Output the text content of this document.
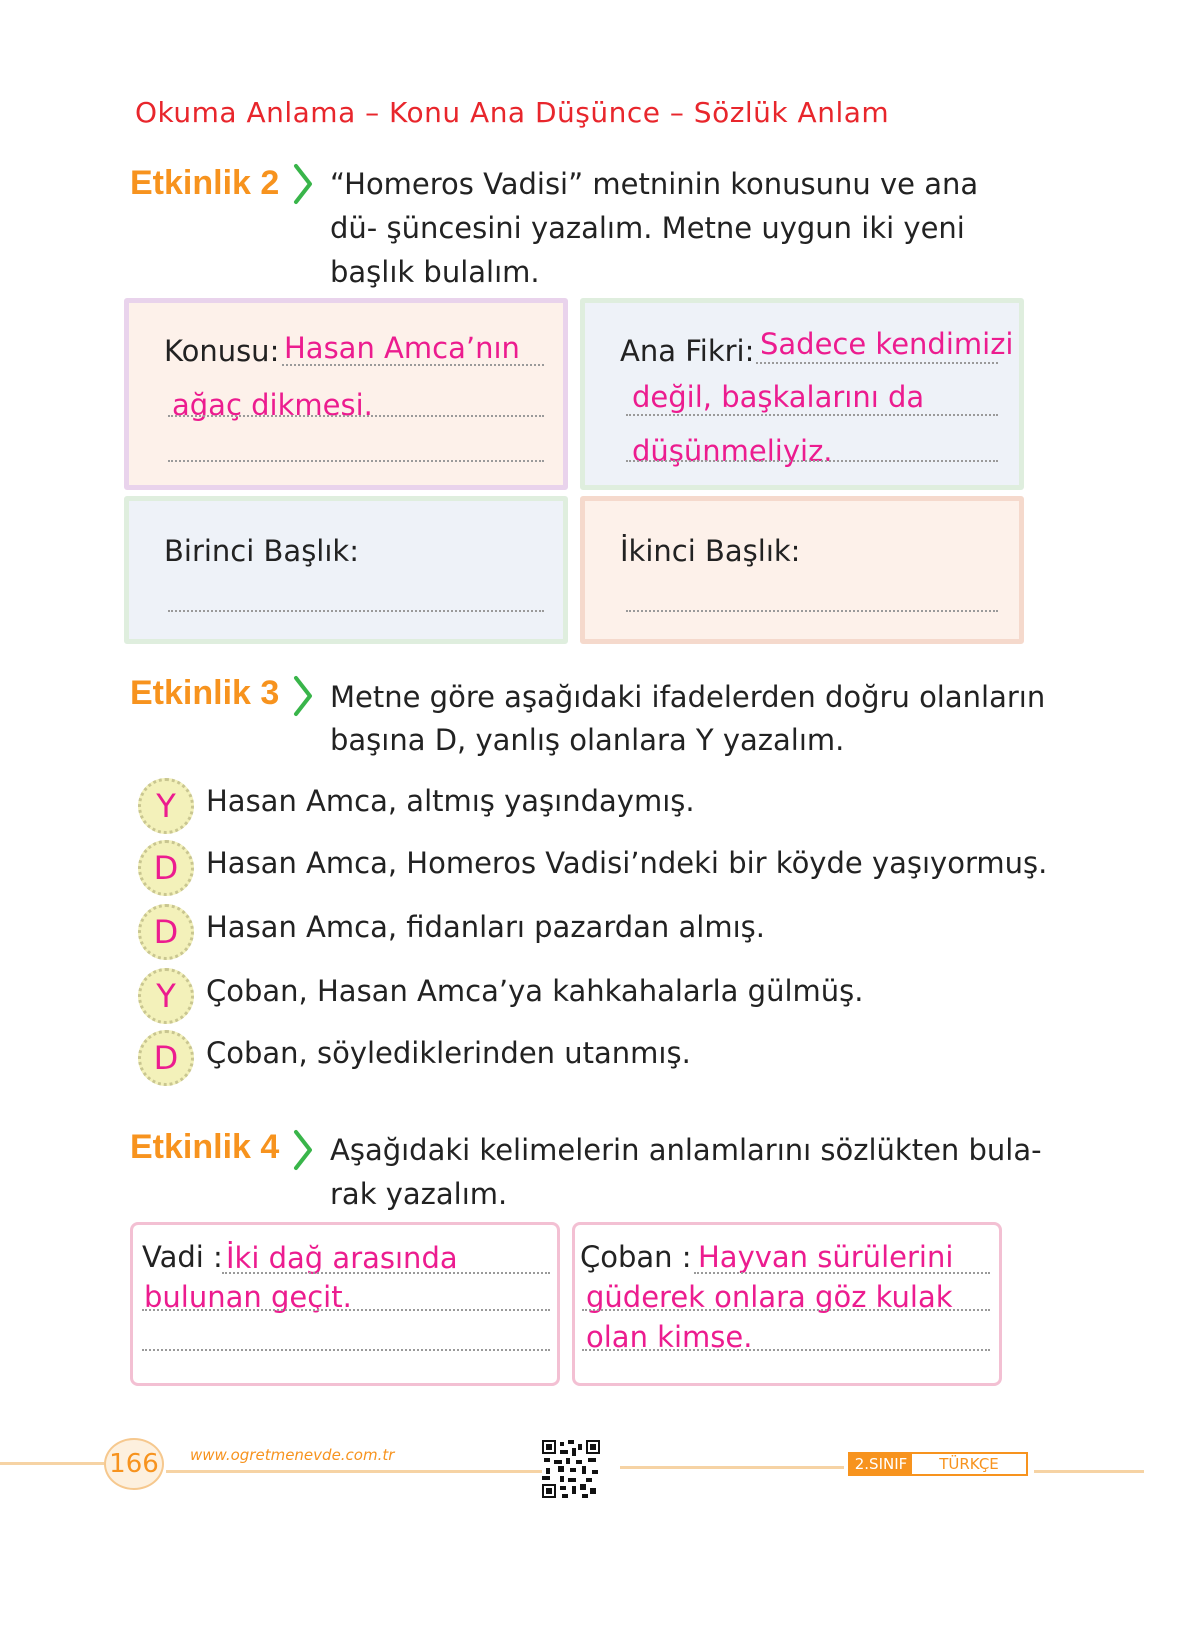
Okuma Anlama – Konu Ana Düşünce – Sözlük Anlam
Etkinlik 2 “Homeros Vadisi” metninin konusunu ve ana dü- şüncesini yazalım. Metne uygun iki yeni başlık bulalım.
Konusu: Hasan Amca’nın
ağaç dikmesi.
Ana Fikri: Sadece kendimizi
değil, başkalarını da
düşünmeliyiz.
Birinci Başlık:	İkinci Başlık:
Etkinlik 3 Metne göre aşağıdaki ifadelerden doğru olanların
başına D, yanlış olanlara Y yazalım.
Y	Hasan Amca, altmış yaşındaymış.
D Hasan Amca, Homeros Vadisi’ndeki bir köyde yaşıyormuş.
D Hasan Amca, fidanları pazardan almış.
Y	Çoban, Hasan Amca’ya kahkahalarla gülmüş.
D Çoban, söylediklerinden utanmış.
Etkinlik 4 Aşağıdaki kelimelerin anlamlarını sözlükten bula-
rak yazalım.
Vadi : İki dağ arasında
bulunan geçit.
Çoban : Hayvan sürülerini
güderek onlara göz kulak
olan kimse.
166	www.ogretmenevde.com.tr	2.SINIF	TÜRKÇE
